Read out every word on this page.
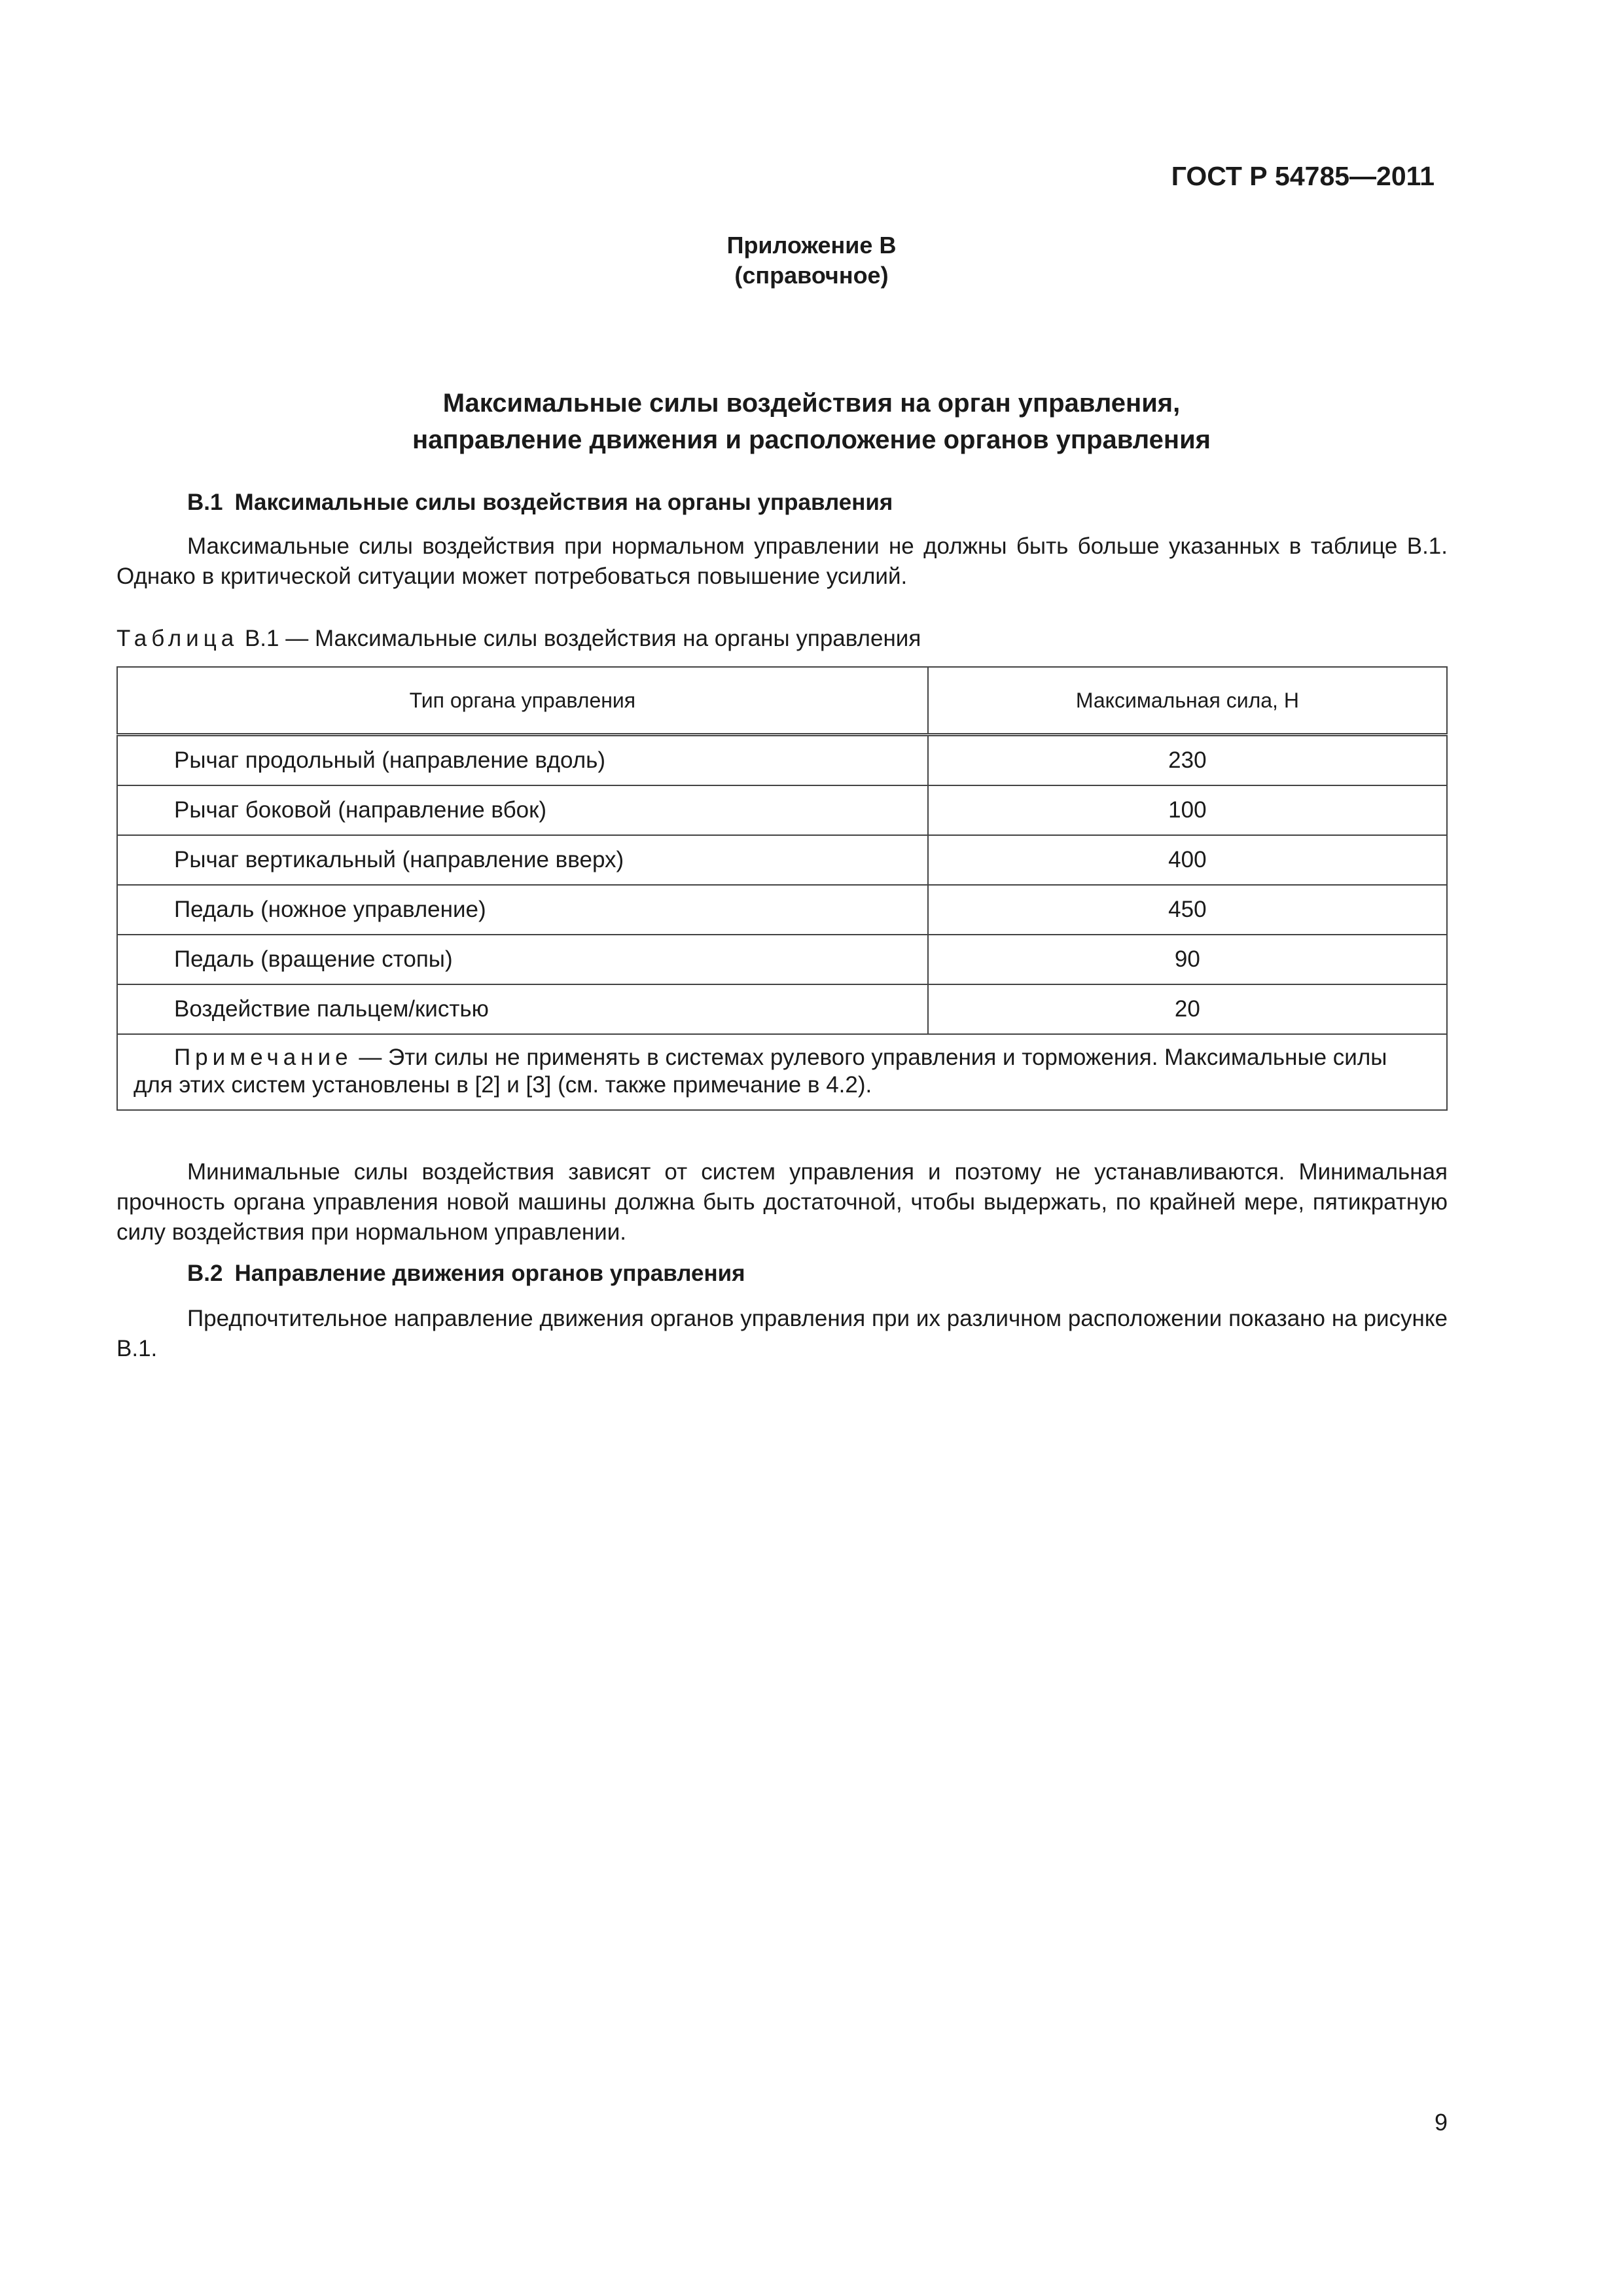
ГОСТ Р 54785—2011
Приложение В
(справочное)
Максимальные силы воздействия на орган управления,
направление движения и расположение органов управления
В.1 Максимальные силы воздействия на органы управления
Максимальные силы воздействия при нормальном управлении не должны быть больше указанных в таблице В.1. Однако в критической ситуации может потребоваться повышение усилий.
Таблица В.1 — Максимальные силы воздействия на органы управления
Тип органа управления	Максимальная сила, Н
Рычаг продольный (направление вдоль)	230
Рычаг боковой (направление вбок)	100
Рычаг вертикальный (направление вверх)	400
Педаль (ножное управление)	450
Педаль (вращение стопы)	90
Воздействие пальцем/кистью	20
Примечание — Эти силы не применять в системах рулевого управления и торможения. Максимальные силы для этих систем установлены в [2] и [3] (см. также примечание в 4.2).	
Минимальные силы воздействия зависят от систем управления и поэтому не устанавливаются. Минимальная прочность органа управления новой машины должна быть достаточной, чтобы выдержать, по крайней мере, пятикратную силу воздействия при нормальном управлении.
В.2 Направление движения органов управления
Предпочтительное направление движения органов управления при их различном расположении показано на рисунке В.1.
9
